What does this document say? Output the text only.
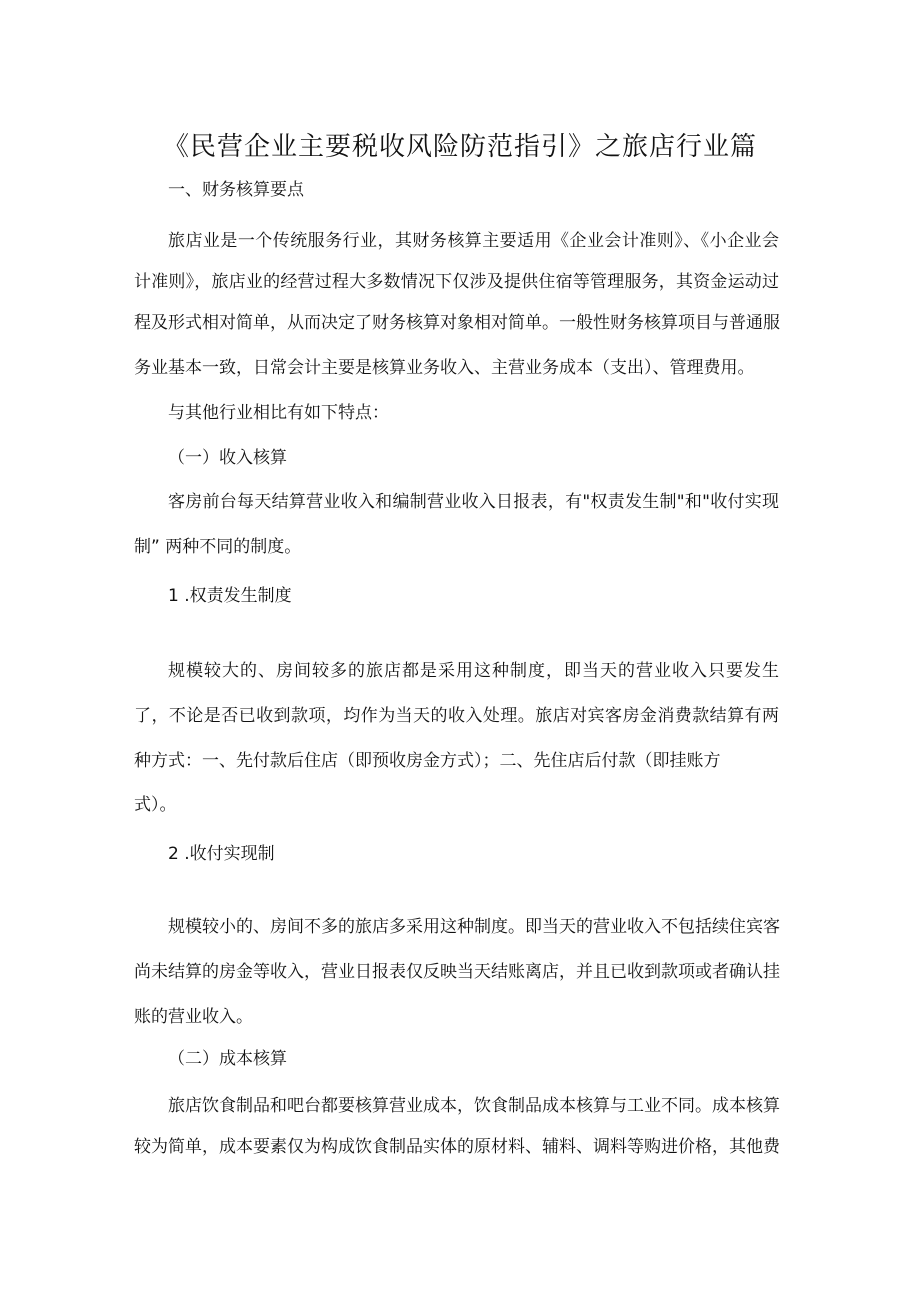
《民营企业主要税收风险防范指引》之旅店行业篇
一、财务核算要点
旅店业是一个传统服务行业，其财务核算主要适用《企业会计准则》、《小企业会
计准则》，旅店业的经营过程大多数情况下仅涉及提供住宿等管理服务，其资金运动过
程及形式相对简单，从而决定了财务核算对象相对简单。一般性财务核算项目与普通服
务业基本一致，日常会计主要是核算业务收入、主营业务成本（支出）、管理费用。
与其他行业相比有如下特点：
（一）收入核算
客房前台每天结算营业收入和编制营业收入日报表，有"权责发生制"和"收付实现
制” 两种不同的制度。
1 .权责发生制度
规模较大的、房间较多的旅店都是采用这种制度，即当天的营业收入只要发生
了，不论是否已收到款项，均作为当天的收入处理。旅店对宾客房金消费款结算有两
种方式：一、先付款后住店（即预收房金方式）；二、先住店后付款（即挂账方
式）。
2 .收付实现制
规模较小的、房间不多的旅店多采用这种制度。即当天的营业收入不包括续住宾客
尚未结算的房金等收入，营业日报表仅反映当天结账离店，并且已收到款项或者确认挂
账的营业收入。
（二）成本核算
旅店饮食制品和吧台都要核算营业成本，饮食制品成本核算与工业不同。成本核算
较为简单，成本要素仅为构成饮食制品实体的原材料、辅料、调料等购进价格，其他费
